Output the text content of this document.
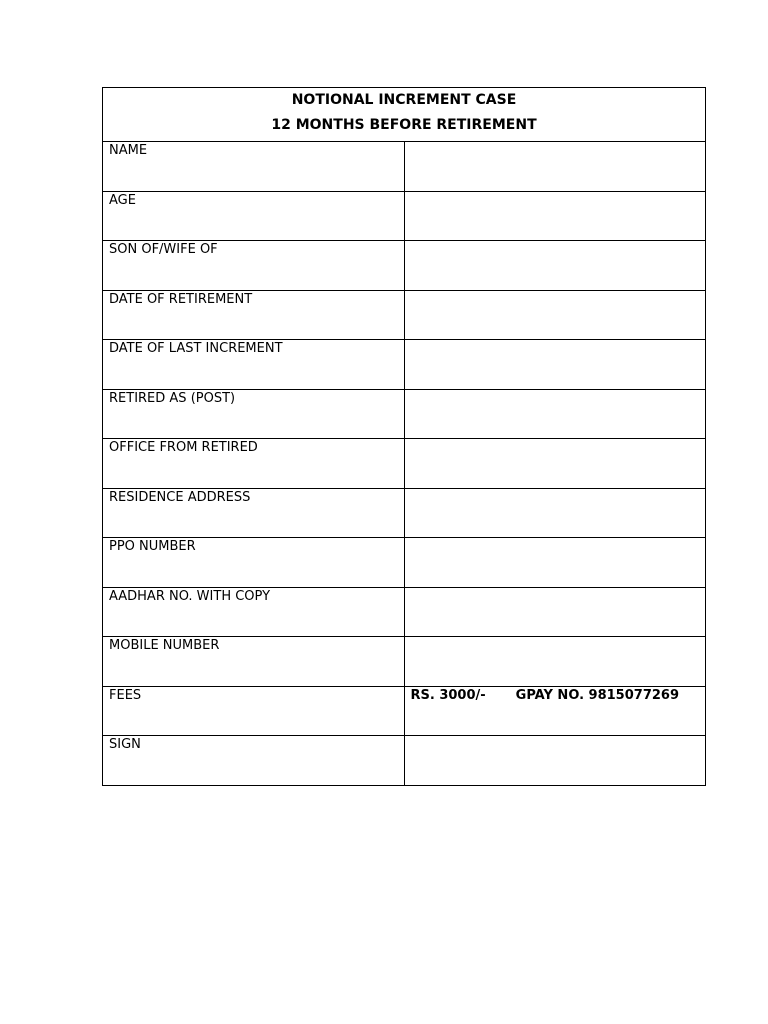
NOTIONAL INCREMENT CASE
12 MONTHS BEFORE RETIREMENT	

NAME	

AGE	

SON OF/WIFE OF	

DATE OF RETIREMENT	

DATE OF LAST INCREMENT	

RETIRED AS (POST)	

OFFICE FROM RETIRED	

RESIDENCE ADDRESS	

PPO NUMBER	

AADHAR NO. WITH COPY	

MOBILE NUMBER	

FEES	RS. 3000/- GPAY NO. 9815077269

SIGN	
